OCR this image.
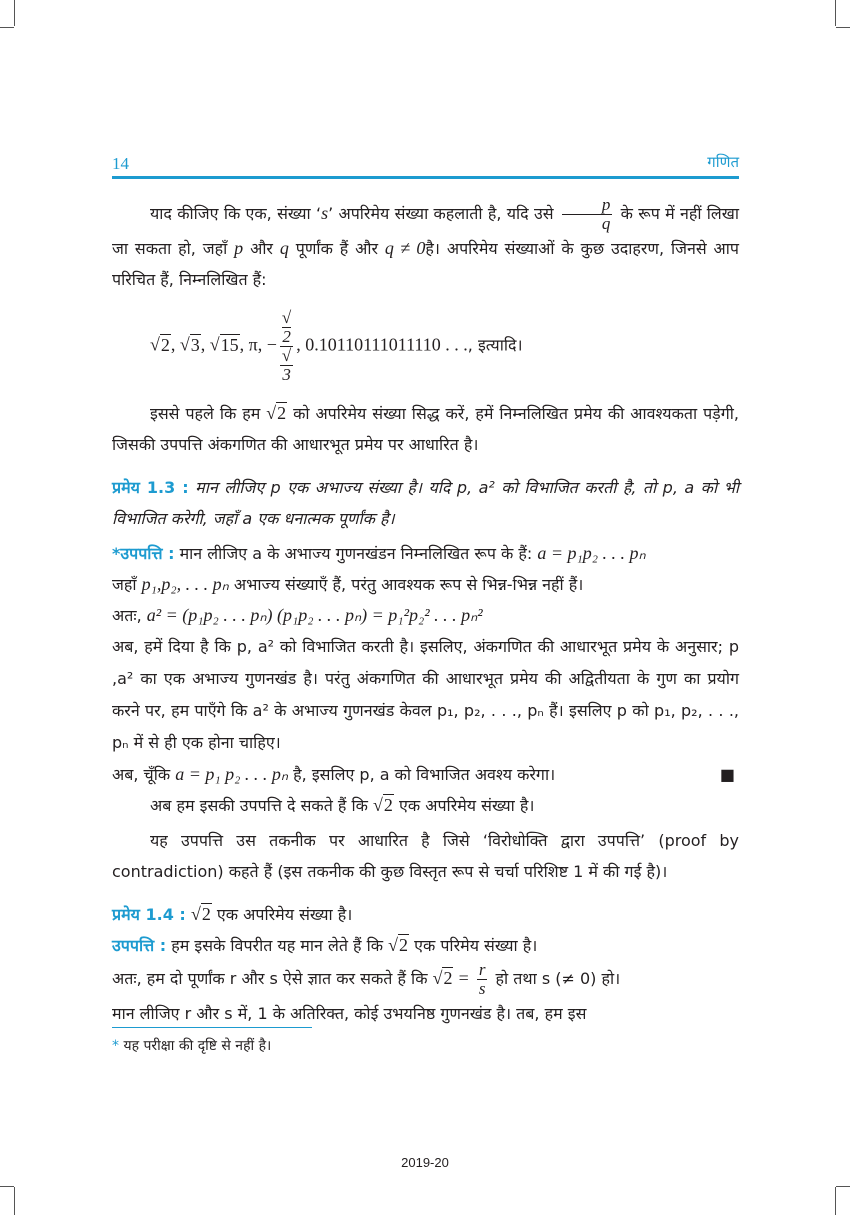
14	गणित

याद कीजिए कि एक, संख्या ‘s’ अपरिमेय संख्या कहलाती है, यदि उसे $\frac{p}{q}$ के रूप में नहीं लिखा जा सकता हो, जहाँ p और q पूर्णांक हैं और q ≠ 0है। अपरिमेय संख्याओं के कुछ उदाहरण, जिनसे आप परिचित हैं, निम्नलिखित हैं:

√2, √3, √15, π, − √
2
√
3 , 0.10110111011110 . . ., इत्यादि।

इससे पहले कि हम √2 को अपरिमेय संख्या सिद्ध करें, हमें निम्नलिखित प्रमेय की आवश्यकता पड़ेगी, जिसकी उपपत्ति अंकगणित की आधारभूत प्रमेय पर आधारित है।

प्रमेय 1.3 : मान लीजिए p एक अभाज्य संख्या है। यदि p, a² को विभाजित करती है, तो p, a को भी विभाजित करेगी, जहाँ a एक धनात्मक पूर्णांक है।

*उपपत्ति : मान लीजिए a के अभाज्य गुणनखंडन निम्नलिखित रूप के हैं: a = p₁p₂ . . . pₙ
जहाँ p₁,p₂, . . . pₙ अभाज्य संख्याएँ हैं, परंतु आवश्यक रूप से भिन्न-भिन्न नहीं हैं।
अतः, a² = (p₁p₂ . . . pₙ) (p₁p₂ . . . pₙ) = p₁²p₂² . . . pₙ²

अब, हमें दिया है कि p, a² को विभाजित करती है। इसलिए, अंकगणित की आधारभूत प्रमेय के अनुसार; p ,a² का एक अभाज्य गुणनखंड है। परंतु अंकगणित की आधारभूत प्रमेय की अद्वितीयता के गुण का प्रयोग करने पर, हम पाएँगे कि a² के अभाज्य गुणनखंड केवल p₁, p₂, . . ., pₙ हैं। इसलिए p को p₁, p₂, . . ., pₙ में से ही एक होना चाहिए।

अब, चूँकि a = p₁ p₂ . . . pₙ है, इसलिए p, a को विभाजित अवश्य करेगा।	■

अब हम इसकी उपपत्ति दे सकते हैं कि √2 एक अपरिमेय संख्या है।

यह उपपत्ति उस तकनीक पर आधारित है जिसे ‘विरोधोक्ति द्वारा उपपत्ति’ (proof by contradiction) कहते हैं (इस तकनीक की कुछ विस्तृत रूप से चर्चा परिशिष्ट 1 में की गई है)।

प्रमेय 1.4 : √2 एक अपरिमेय संख्या है।

उपपत्ति : हम इसके विपरीत यह मान लेते हैं कि √2 एक परिमेय संख्या है।
अतः, हम दो पूर्णांक r और s ऐसे ज्ञात कर सकते हैं कि $√2 = \frac{r}{s}$ हो तथा s (≠ 0) हो।
मान लीजिए r और s में, 1 के अतिरिक्त, कोई उभयनिष्ठ गुणनखंड है। तब, हम इस

* यह परीक्षा की दृष्टि से नहीं है।
2019-20
